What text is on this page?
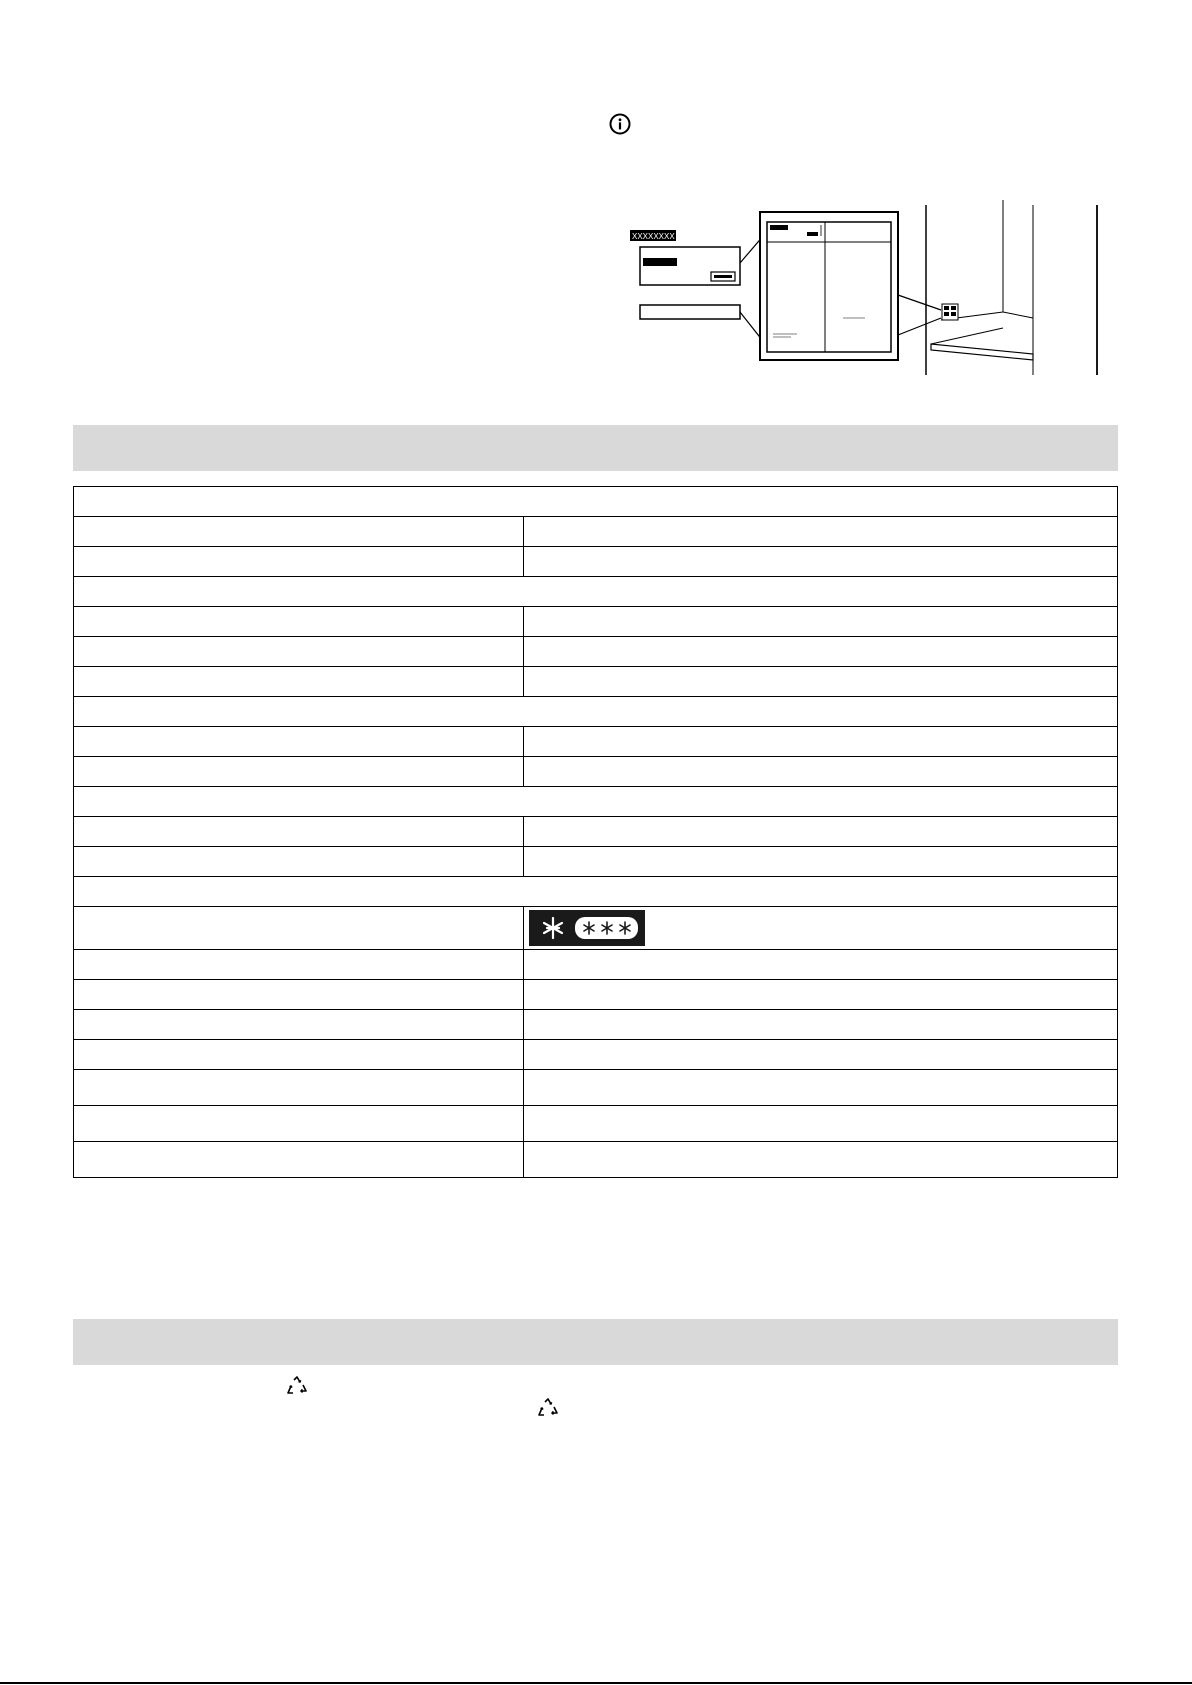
XXXXXXXX
